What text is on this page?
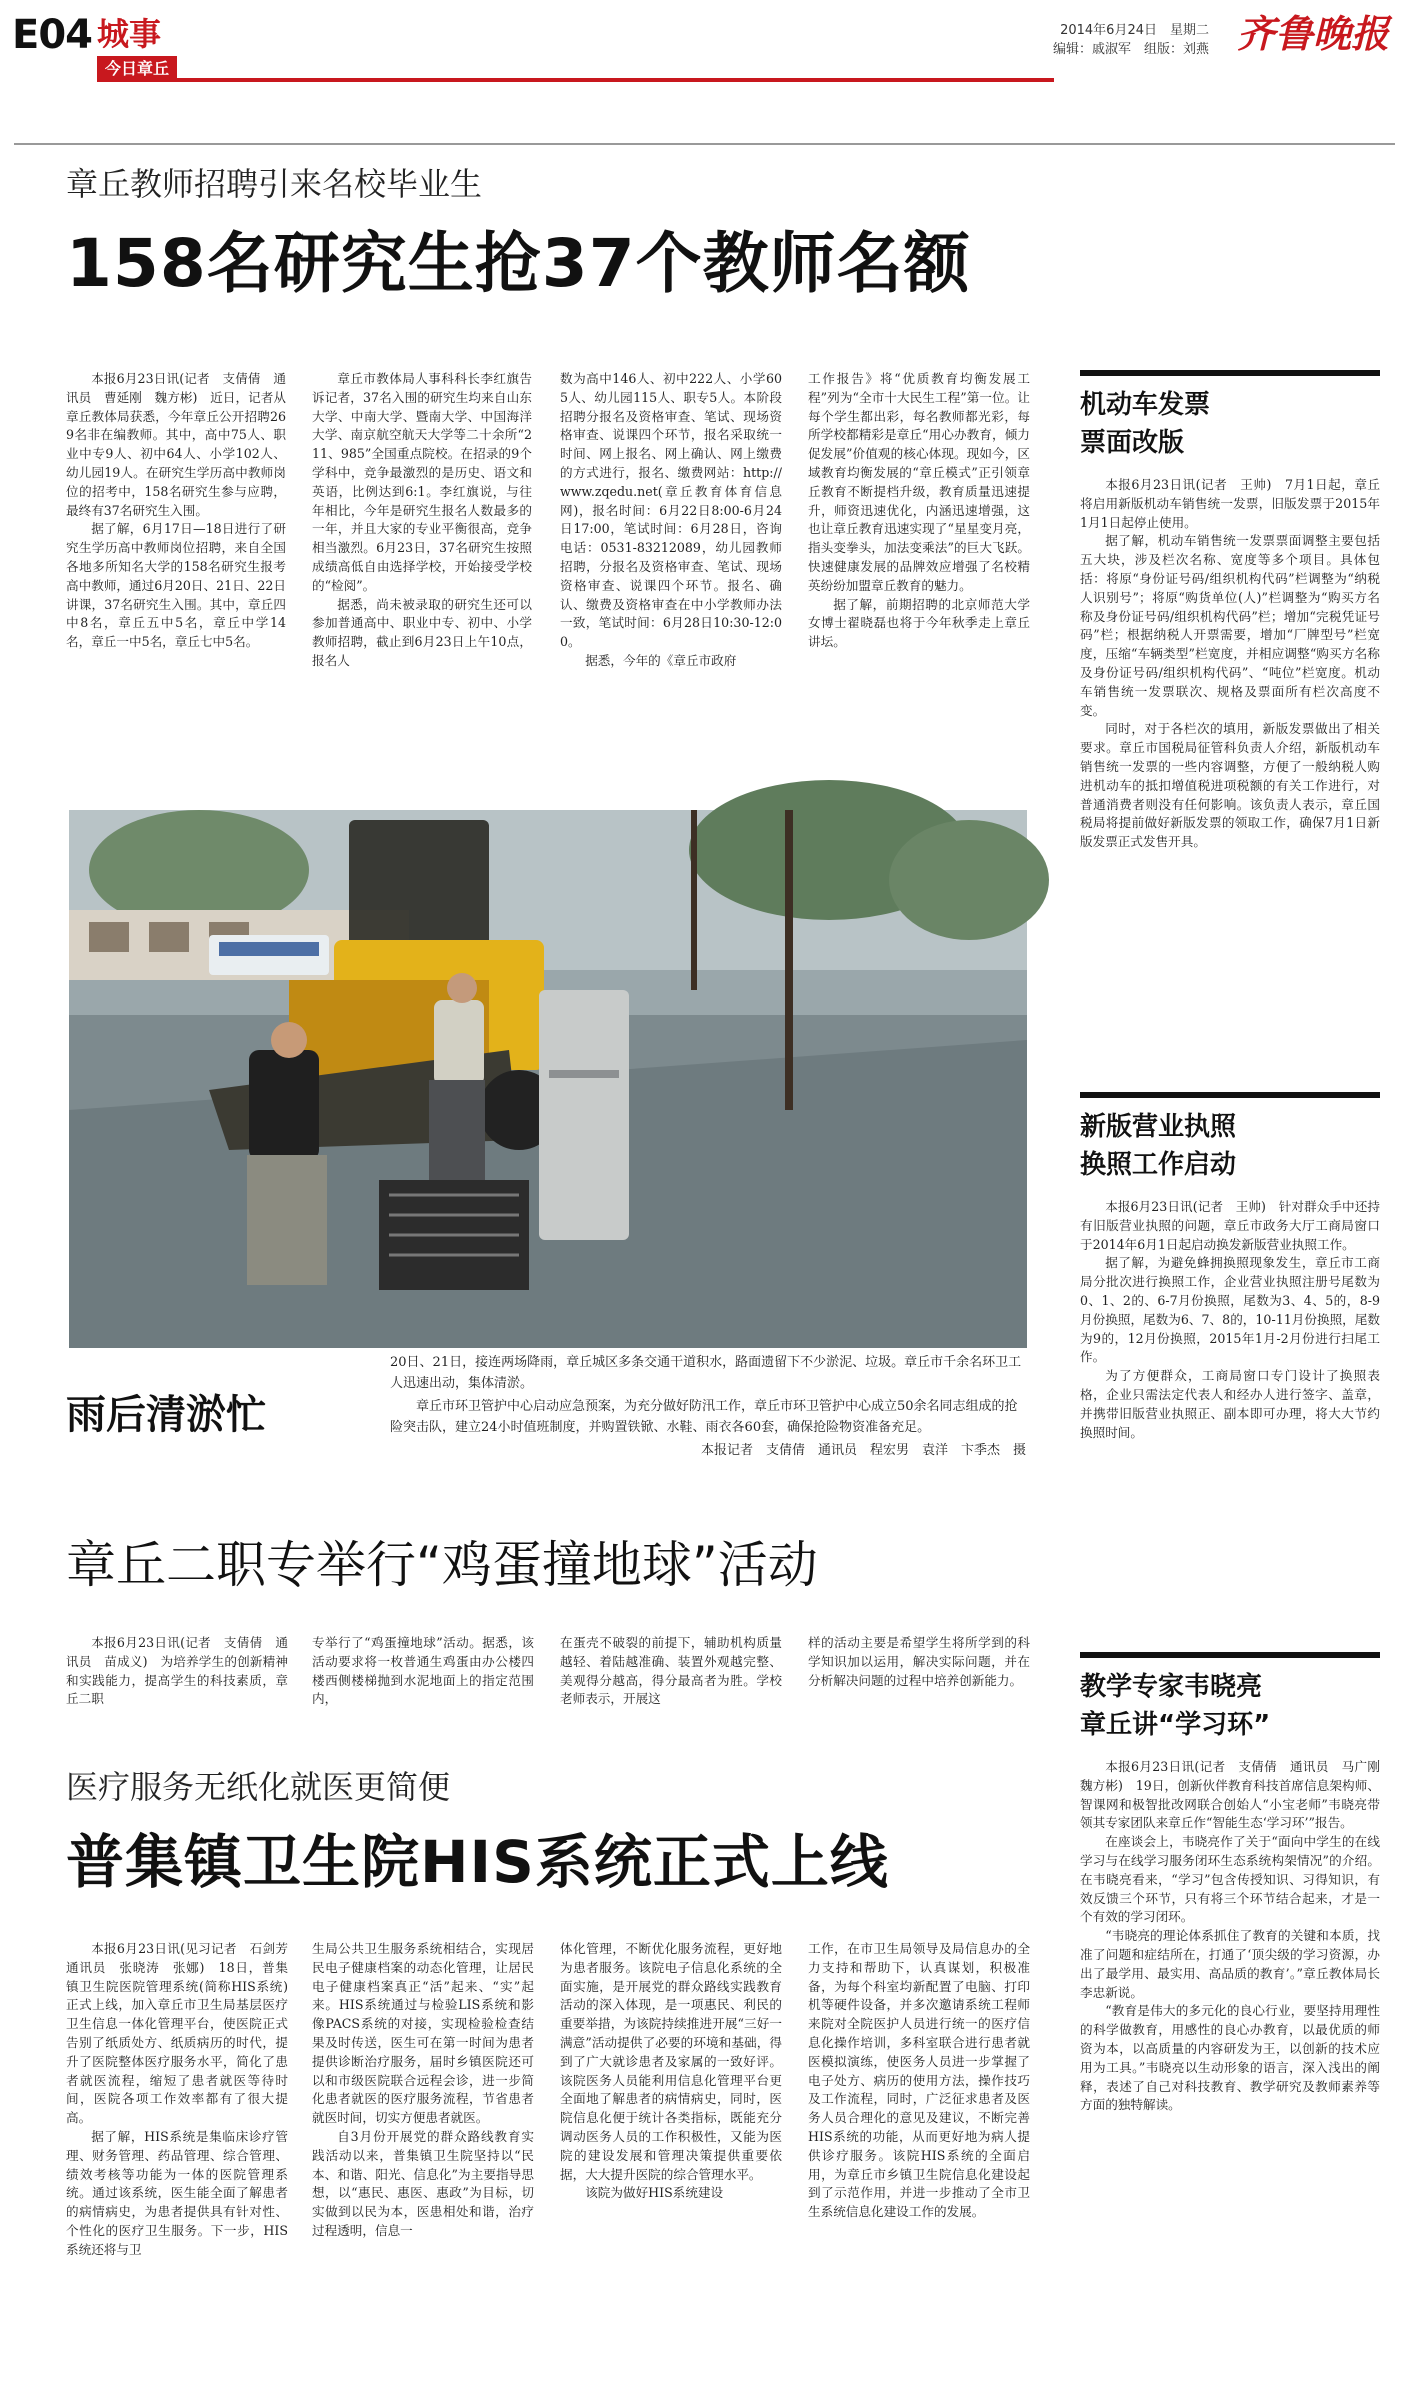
E04 城事
今日章丘
2014年6月24日　星期二
编辑：戚淑军　组版：刘燕 齐鲁晚报
章丘教师招聘引来名校毕业生
158名研究生抢37个教师名额

本报6月23日讯(记者　支倩倩　通讯员　曹延刚　魏方彬)　近日，记者从章丘教体局获悉，今年章丘公开招聘269名非在编教师。其中，高中75人、职业中专9人、初中64人、小学102人、幼儿园19人。在研究生学历高中教师岗位的招考中，158名研究生参与应聘，最终有37名研究生入围。

据了解，6月17日—18日进行了研究生学历高中教师岗位招聘，来自全国各地多所知名大学的158名研究生报考高中教师，通过6月20日、21日、22日讲课，37名研究生入围。其中，章丘四中8名，章丘五中5名，章丘中学14名，章丘一中5名，章丘七中5名。

章丘市教体局人事科科长李红旗告诉记者，37名入围的研究生均来自山东大学、中南大学、暨南大学、中国海洋大学、南京航空航天大学等二十余所“211、985”全国重点院校。在招录的9个学科中，竞争最激烈的是历史、语文和英语，比例达到6:1。李红旗说，与往年相比，今年是研究生报名人数最多的一年，并且大家的专业平衡很高，竞争相当激烈。6月23日，37名研究生按照成绩高低自由选择学校，开始接受学校的“检阅”。

据悉，尚未被录取的研究生还可以参加普通高中、职业中专、初中、小学教师招聘，截止到6月23日上午10点，报名人

数为高中146人、初中222人、小学605人、幼儿园115人、职专5人。本阶段招聘分报名及资格审查、笔试、现场资格审查、说课四个环节，报名采取统一时间、网上报名、网上确认、网上缴费的方式进行，报名、缴费网站：http://www.zqedu.net(章丘教育体育信息网)，报名时间：6月22日8:00-6月24日17:00，笔试时间：6月28日，咨询电话：0531-83212089，幼儿园教师招聘，分报名及资格审查、笔试、现场资格审查、说课四个环节。报名、确认、缴费及资格审查在中小学教师办法一致，笔试时间：6月28日10:30-12:00。

据悉，今年的《章丘市政府

工作报告》将“优质教育均衡发展工程”列为“全市十大民生工程”第一位。让每个学生都出彩，每名教师都光彩，每所学校都精彩是章丘“用心办教育，倾力促发展”价值观的核心体现。现如今，区域教育均衡发展的“章丘模式”正引领章丘教育不断提档升级，教育质量迅速提升，师资迅速优化，内涵迅速增强，这也让章丘教育迅速实现了“星星变月亮，指头变拳头，加法变乘法”的巨大飞跃。快速健康发展的品牌效应增强了名校精英纷纷加盟章丘教育的魅力。

据了解，前期招聘的北京师范大学女博士翟晓磊也将于今年秋季走上章丘讲坛。

20日、21日，接连两场降雨，章丘城区多条交通干道积水，路面遗留下不少淤泥、垃圾。章丘市千余名环卫工人迅速出动，集体清淤。
章丘市环卫管护中心启动应急预案，为充分做好防汛工作，章丘市环卫管护中心成立50余名同志组成的抢险突击队，建立24小时值班制度，并购置铁锨、水鞋、雨衣各60套，确保抢险物资准备充足。
本报记者　支倩倩　通讯员　程宏男　袁洋　卞季杰　摄
雨后清淤忙
章丘二职专举行“鸡蛋撞地球”活动
本报6月23日讯(记者　支倩倩　通讯员　苗成义)　为培养学生的创新精神和实践能力，提高学生的科技素质，章丘二职
专举行了“鸡蛋撞地球”活动。据悉，该活动要求将一枚普通生鸡蛋由办公楼四楼西侧楼梯抛到水泥地面上的指定范围内，
在蛋壳不破裂的前提下，辅助机构质量越轻、着陆越准确、装置外观越完整、美观得分越高，得分最高者为胜。学校老师表示，开展这
样的活动主要是希望学生将所学到的科学知识加以运用，解决实际问题，并在分析解决问题的过程中培养创新能力。
医疗服务无纸化就医更简便
普集镇卫生院HIS系统正式上线

本报6月23日讯(见习记者　石剑芳　通讯员　张晓涛　张娜)　18日，普集镇卫生院医院管理系统(简称HIS系统)正式上线，加入章丘市卫生局基层医疗卫生信息一体化管理平台，使医院正式告别了纸质处方、纸质病历的时代，提升了医院整体医疗服务水平，简化了患者就医流程，缩短了患者就医等待时间，医院各项工作效率都有了很大提高。

据了解，HIS系统是集临床诊疗管理、财务管理、药品管理、综合管理、绩效考核等功能为一体的医院管理系统。通过该系统，医生能全面了解患者的病情病史，为患者提供具有针对性、个性化的医疗卫生服务。下一步，HIS系统还将与卫

生局公共卫生服务系统相结合，实现居民电子健康档案的动态化管理，让居民电子健康档案真正“活”起来、“实”起来。HIS系统通过与检验LIS系统和影像PACS系统的对接，实现检验检查结果及时传送，医生可在第一时间为患者提供诊断治疗服务，届时乡镇医院还可以和市级医院联合远程会诊，进一步简化患者就医的医疗服务流程，节省患者就医时间，切实方便患者就医。

自3月份开展党的群众路线教育实践活动以来，普集镇卫生院坚持以“民本、和谐、阳光、信息化”为主要指导思想，以“惠民、惠医、惠政”为目标，切实做到以民为本，医患相处和谐，治疗过程透明，信息一

体化管理，不断优化服务流程，更好地为患者服务。该院电子信息化系统的全面实施，是开展党的群众路线实践教育活动的深入体现，是一项惠民、利民的重要举措，为该院持续推进开展“三好一满意”活动提供了必要的环境和基础，得到了广大就诊患者及家属的一致好评。该院医务人员能利用信息化管理平台更全面地了解患者的病情病史，同时，医院信息化便于统计各类指标，既能充分调动医务人员的工作积极性，又能为医院的建设发展和管理决策提供重要依据，大大提升医院的综合管理水平。

该院为做好HIS系统建设

工作，在市卫生局领导及局信息办的全力支持和帮助下，认真谋划，积极准备，为每个科室均新配置了电脑、打印机等硬件设备，并多次邀请系统工程师来院对全院医护人员进行统一的医疗信息化操作培训，多科室联合进行患者就医模拟演练，使医务人员进一步掌握了电子处方、病历的使用方法，操作技巧及工作流程，同时，广泛征求患者及医务人员合理化的意见及建议，不断完善HIS系统的功能，从而更好地为病人提供诊疗服务。该院HIS系统的全面启用，为章丘市乡镇卫生院信息化建设起到了示范作用，并进一步推动了全市卫生系统信息化建设工作的发展。

机动车发票
票面改版

本报6月23日讯(记者　王帅)　7月1日起，章丘将启用新版机动车销售统一发票，旧版发票于2015年1月1日起停止使用。

据了解，机动车销售统一发票票面调整主要包括五大块，涉及栏次名称、宽度等多个项目。具体包括：将原“身份证号码/组织机构代码”栏调整为“纳税人识别号”；将原“购货单位(人)”栏调整为“购买方名称及身份证号码/组织机构代码”栏；增加“完税凭证号码”栏；根据纳税人开票需要，增加“厂牌型号”栏宽度，压缩“车辆类型”栏宽度，并相应调整“购买方名称及身份证号码/组织机构代码”、“吨位”栏宽度。机动车销售统一发票联次、规格及票面所有栏次高度不变。

同时，对于各栏次的填用，新版发票做出了相关要求。章丘市国税局征管科负责人介绍，新版机动车销售统一发票的一些内容调整，方便了一般纳税人购进机动车的抵扣增值税进项税额的有关工作进行，对普通消费者则没有任何影响。该负责人表示，章丘国税局将提前做好新版发票的领取工作，确保7月1日新版发票正式发售开具。

新版营业执照
换照工作启动

本报6月23日讯(记者　王帅)　针对群众手中还持有旧版营业执照的问题，章丘市政务大厅工商局窗口于2014年6月1日起启动换发新版营业执照工作。

据了解，为避免蜂拥换照现象发生，章丘市工商局分批次进行换照工作，企业营业执照注册号尾数为0、1、2的、6-7月份换照，尾数为3、4、5的，8-9月份换照，尾数为6、7、8的，10-11月份换照，尾数为9的，12月份换照，2015年1月-2月份进行扫尾工作。

为了方便群众，工商局窗口专门设计了换照表格，企业只需法定代表人和经办人进行签字、盖章，并携带旧版营业执照正、副本即可办理，将大大节约换照时间。

教学专家韦晓亮
章丘讲“学习环”

本报6月23日讯(记者　支倩倩　通讯员　马广刚　魏方彬)　19日，创新伙伴教育科技首席信息架构师、智课网和极智批改网联合创始人“小宝老师”韦晓亮带领其专家团队来章丘作“智能生态‘学习环’”报告。

在座谈会上，韦晓亮作了关于“面向中学生的在线学习与在线学习服务闭环生态系统构架情况”的介绍。在韦晓亮看来，“学习”包含传授知识、习得知识，有效反馈三个环节，只有将三个环节结合起来，才是一个有效的学习闭环。

“韦晓亮的理论体系抓住了教育的关键和本质，找准了问题和症结所在，打通了‘顶尖级的学习资源，办出了最学用、最实用、高品质的教育’。”章丘教体局长李忠新说。

“教育是伟大的多元化的良心行业，要坚持用理性的科学做教育，用感性的良心办教育，以最优质的师资为本，以高质量的内容研发为王，以创新的技术应用为工具。”韦晓亮以生动形象的语言，深入浅出的阐释，表述了自己对科技教育、教学研究及教师素养等方面的独特解读。
